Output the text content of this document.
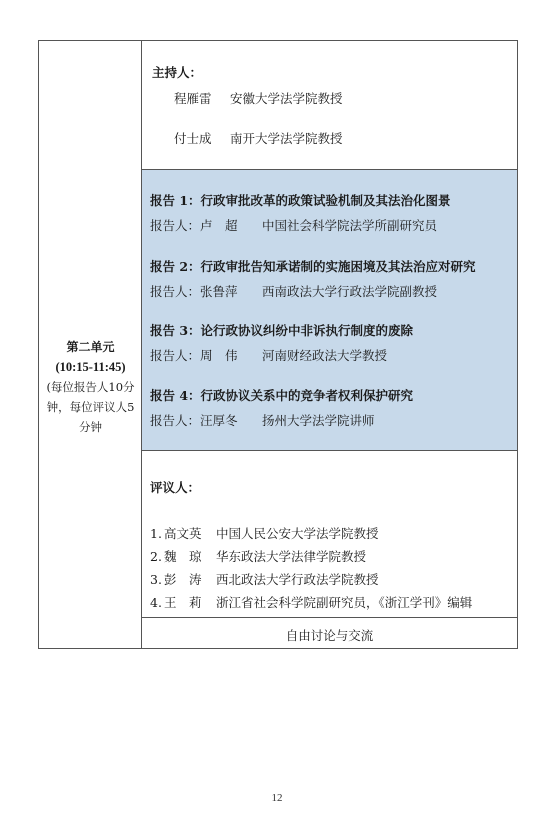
第二单元
(10:15-11:45)
(每位报告人10分钟，每位评议人5分钟
主持人：
程雁雷 安徽大学法学院教授
付士成 南开大学法学院教授
报告 1：行政审批改革的政策试验机制及其法治化图景
报告人：卢　超 中国社会科学院法学所副研究员
报告 2：行政审批告知承诺制的实施困境及其法治应对研究
报告人：张鲁萍 西南政法大学行政法学院副教授
报告 3：论行政协议纠纷中非诉执行制度的废除
报告人：周　伟 河南财经政法大学教授
报告 4：行政协议关系中的竞争者权利保护研究
报告人：汪厚冬 扬州大学法学院讲师
评议人：
1. 高文英 中国人民公安大学法学院教授
2. 魏　琼 华东政法大学法律学院教授
3. 彭　涛 西北政法大学行政法学院教授
4. 王　莉 浙江省社会科学院副研究员，《浙江学刊》编辑
自由讨论与交流
12
